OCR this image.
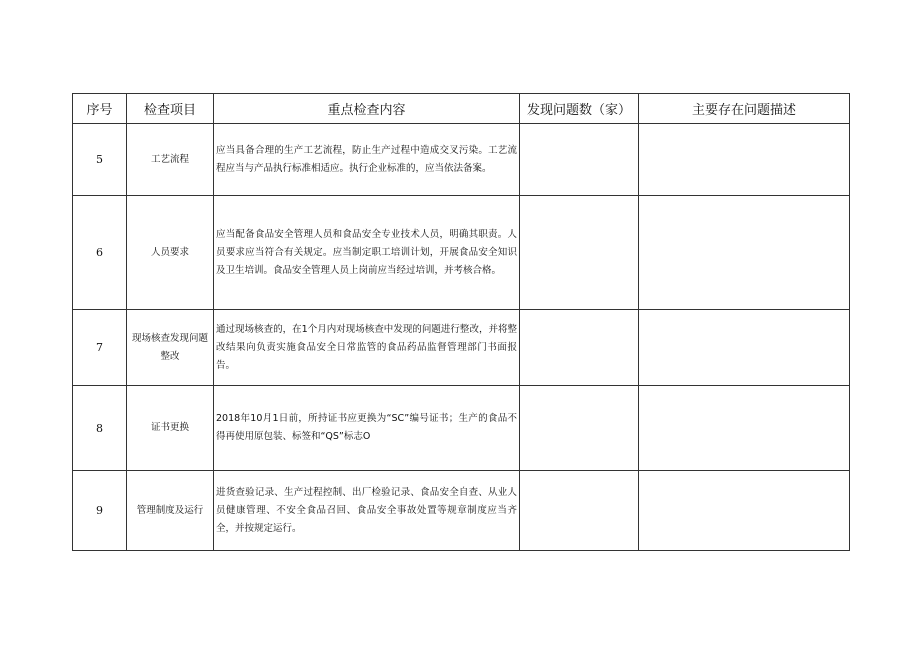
序号	检查项目	重点检查内容	发现问题数（家）	主要存在问题描述
5	工艺流程	应当具备合理的生产工艺流程，防止生产过程中造成交叉污染。工艺流程应当与产品执行标准相适应。执行企业标准的，应当依法备案。		
6	人员要求	应当配备食品安全管理人员和食品安全专业技术人员，明确其职责。人员要求应当符合有关规定。应当制定职工培训计划，开展食品安全知识及卫生培训。食品安全管理人员上岗前应当经过培训，并考核合格。		
7	现场核查发现问题整改	通过现场核查的，在1个月内对现场核查中发现的问题进行整改，并将整改结果向负责实施食品安全日常监管的食品药品监督管理部门书面报告。		
8	证书更换	2018年10月1日前，所持证书应更换为“SC”编号证书；生产的食品不得再使用原包装、标签和“QS”标志O		
9	管理制度及运行	进货查验记录、生产过程控制、出厂检验记录、食品安全自查、从业人员健康管理、不安全食品召回、食品安全事故处置等规章制度应当齐全，并按规定运行。		
